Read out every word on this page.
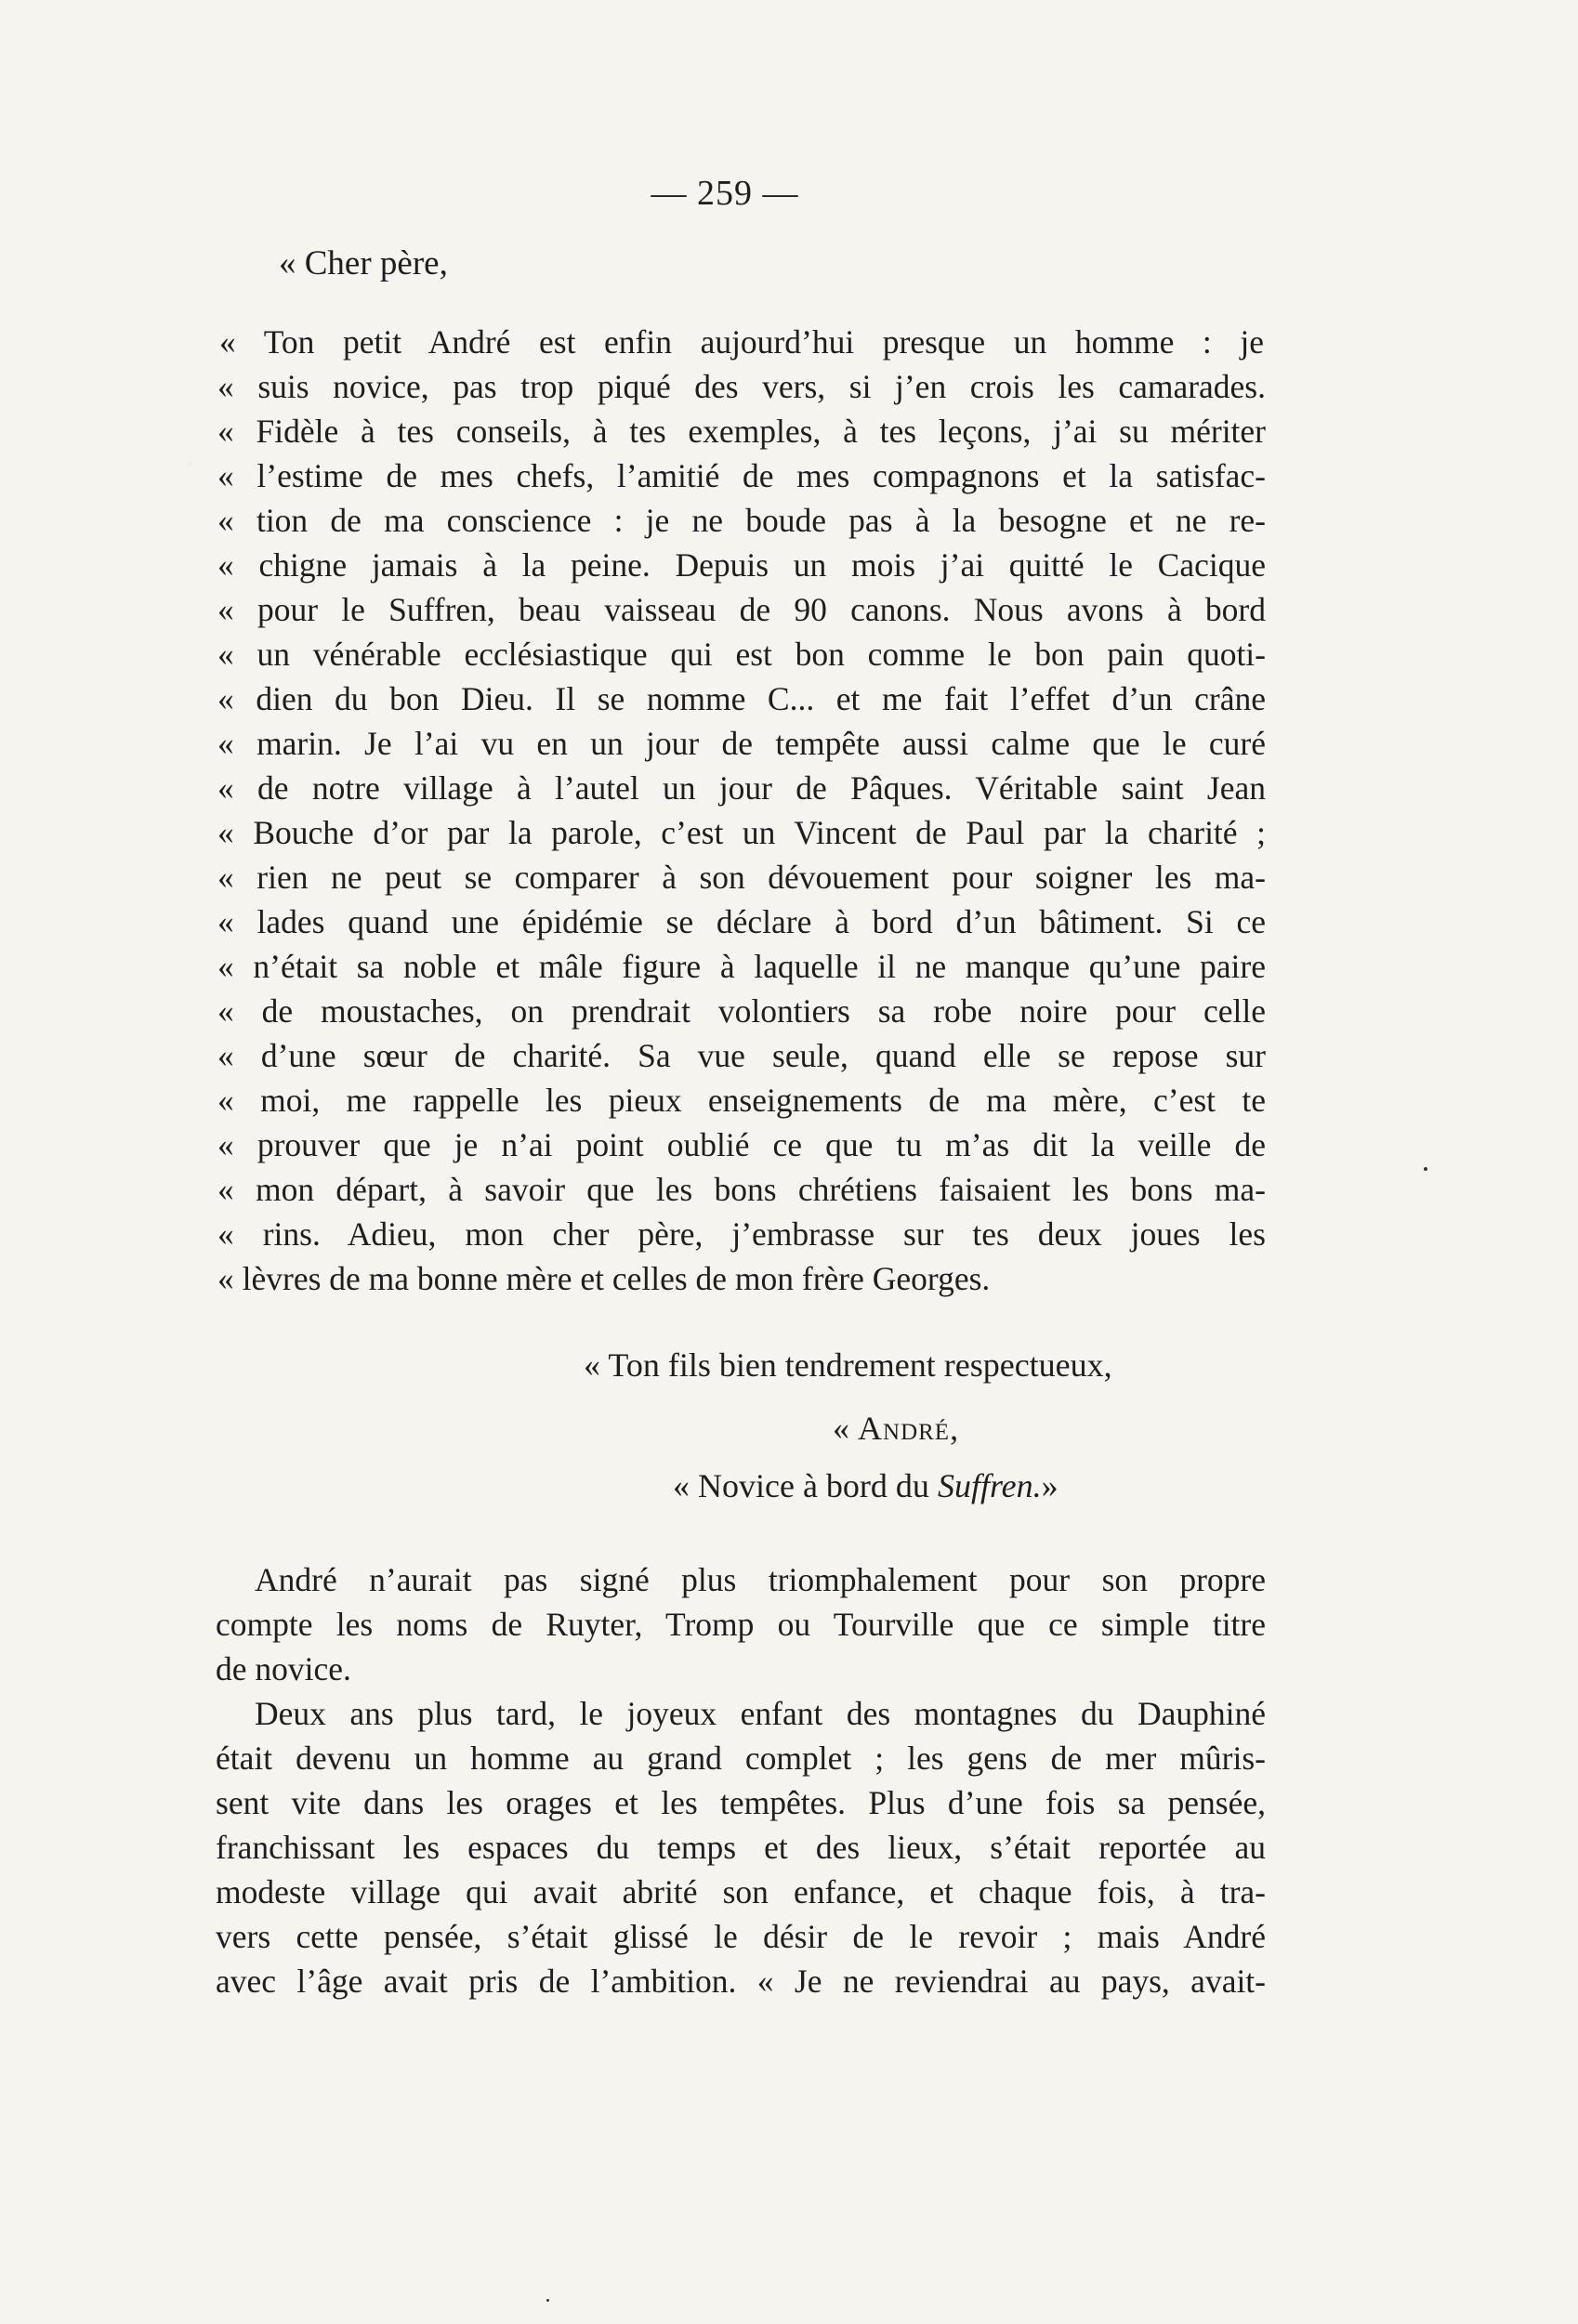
— 259 —
« Cher père,
« Ton petit André est enfin aujourd’hui presque un homme : je
« suis novice, pas trop piqué des vers, si j’en crois les camarades.
« Fidèle à tes conseils, à tes exemples, à tes leçons, j’ai su mériter
« l’estime de mes chefs, l’amitié de mes compagnons et la satisfac-
« tion de ma conscience : je ne boude pas à la besogne et ne re-
« chigne jamais à la peine. Depuis un mois j’ai quitté le Cacique
« pour le Suffren, beau vaisseau de 90 canons. Nous avons à bord
« un vénérable ecclésiastique qui est bon comme le bon pain quoti-
« dien du bon Dieu. Il se nomme C... et me fait l’effet d’un crâne
« marin. Je l’ai vu en un jour de tempête aussi calme que le curé
« de notre village à l’autel un jour de Pâques. Véritable saint Jean
« Bouche d’or par la parole, c’est un Vincent de Paul par la charité ;
« rien ne peut se comparer à son dévouement pour soigner les ma-
« lades quand une épidémie se déclare à bord d’un bâtiment. Si ce
« n’était sa noble et mâle figure à laquelle il ne manque qu’une paire
« de moustaches, on prendrait volontiers sa robe noire pour celle
« d’une sœur de charité. Sa vue seule, quand elle se repose sur
« moi, me rappelle les pieux enseignements de ma mère, c’est te
« prouver que je n’ai point oublié ce que tu m’as dit la veille de
« mon départ, à savoir que les bons chrétiens faisaient les bons ma-
« rins. Adieu, mon cher père, j’embrasse sur tes deux joues les
« lèvres de ma bonne mère et celles de mon frère Georges.
« Ton fils bien tendrement respectueux,
« André,
« Novice à bord du Suffren.»
André n’aurait pas signé plus triomphalement pour son propre
compte les noms de Ruyter, Tromp ou Tourville que ce simple titre
de novice.
Deux ans plus tard, le joyeux enfant des montagnes du Dauphiné
était devenu un homme au grand complet ; les gens de mer mûris-
sent vite dans les orages et les tempêtes. Plus d’une fois sa pensée,
franchissant les espaces du temps et des lieux, s’était reportée au
modeste village qui avait abrité son enfance, et chaque fois, à tra-
vers cette pensée, s’était glissé le désir de le revoir ; mais André
avec l’âge avait pris de l’ambition. « Je ne reviendrai au pays, avait-
